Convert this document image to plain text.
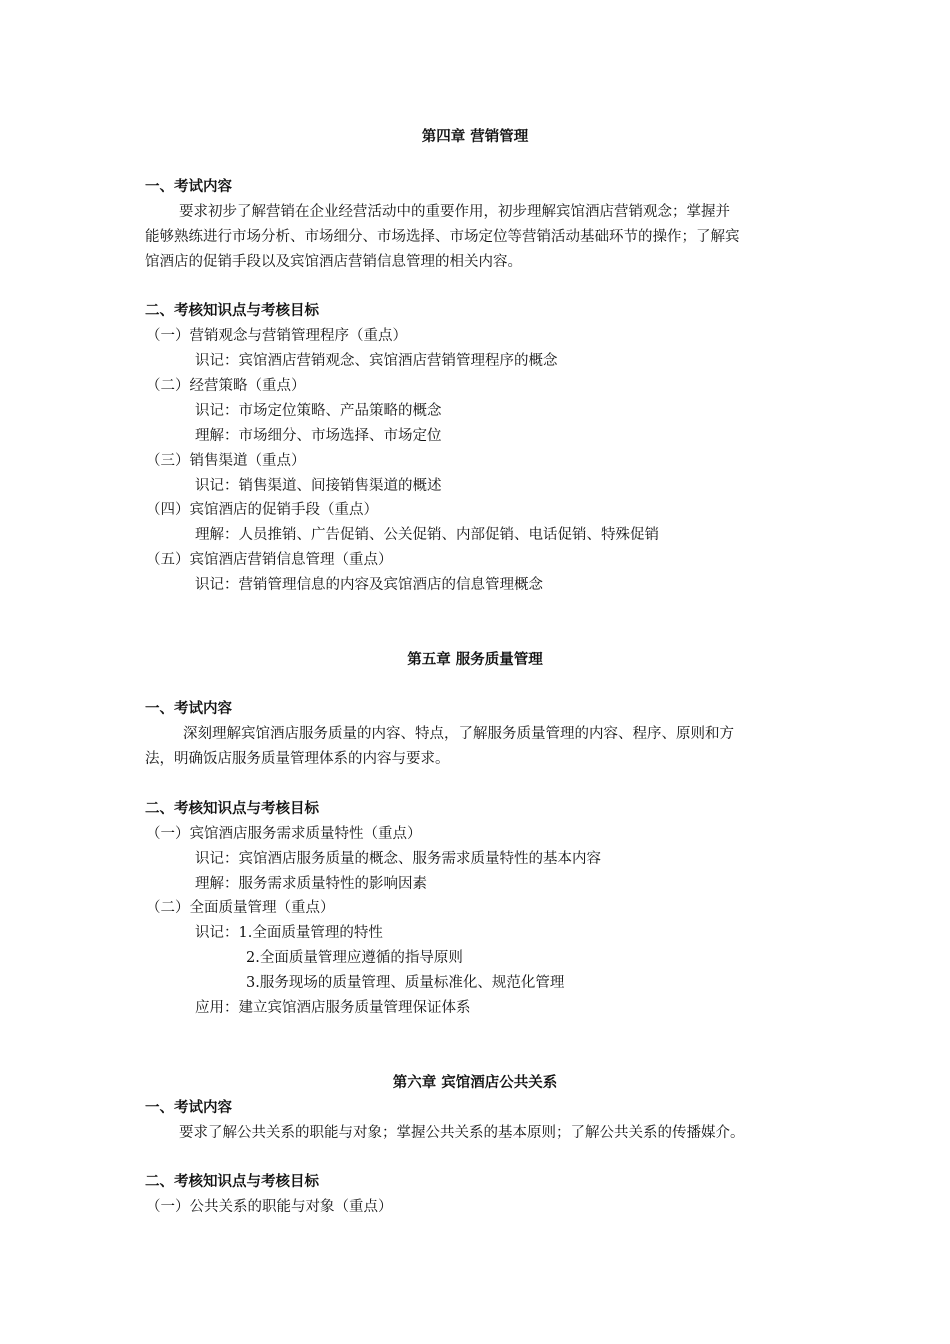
第四章 营销管理
一、考试内容
要求初步了解营销在企业经营活动中的重要作用，初步理解宾馆酒店营销观念；掌握并
能够熟练进行市场分析、市场细分、市场选择、市场定位等营销活动基础环节的操作；了解宾
馆酒店的促销手段以及宾馆酒店营销信息管理的相关内容。
二、考核知识点与考核目标
（一）营销观念与营销管理程序（重点）
识记：宾馆酒店营销观念、宾馆酒店营销管理程序的概念
（二）经营策略（重点）
识记：市场定位策略、产品策略的概念
理解：市场细分、市场选择、市场定位
（三）销售渠道（重点）
识记：销售渠道、间接销售渠道的概述
（四）宾馆酒店的促销手段（重点）
理解：人员推销、广告促销、公关促销、内部促销、电话促销、特殊促销
（五）宾馆酒店营销信息管理（重点）
识记：营销管理信息的内容及宾馆酒店的信息管理概念
第五章 服务质量管理
一、考试内容
深刻理解宾馆酒店服务质量的内容、特点，了解服务质量管理的内容、程序、原则和方
法，明确饭店服务质量管理体系的内容与要求。
二、考核知识点与考核目标
（一）宾馆酒店服务需求质量特性（重点）
识记：宾馆酒店服务质量的概念、服务需求质量特性的基本内容
理解：服务需求质量特性的影响因素
（二）全面质量管理（重点）
识记：1.全面质量管理的特性
2.全面质量管理应遵循的指导原则
3.服务现场的质量管理、质量标准化、规范化管理
应用：建立宾馆酒店服务质量管理保证体系
第六章 宾馆酒店公共关系
一、考试内容
要求了解公共关系的职能与对象；掌握公共关系的基本原则；了解公共关系的传播媒介。
二、考核知识点与考核目标
（一）公共关系的职能与对象（重点）
